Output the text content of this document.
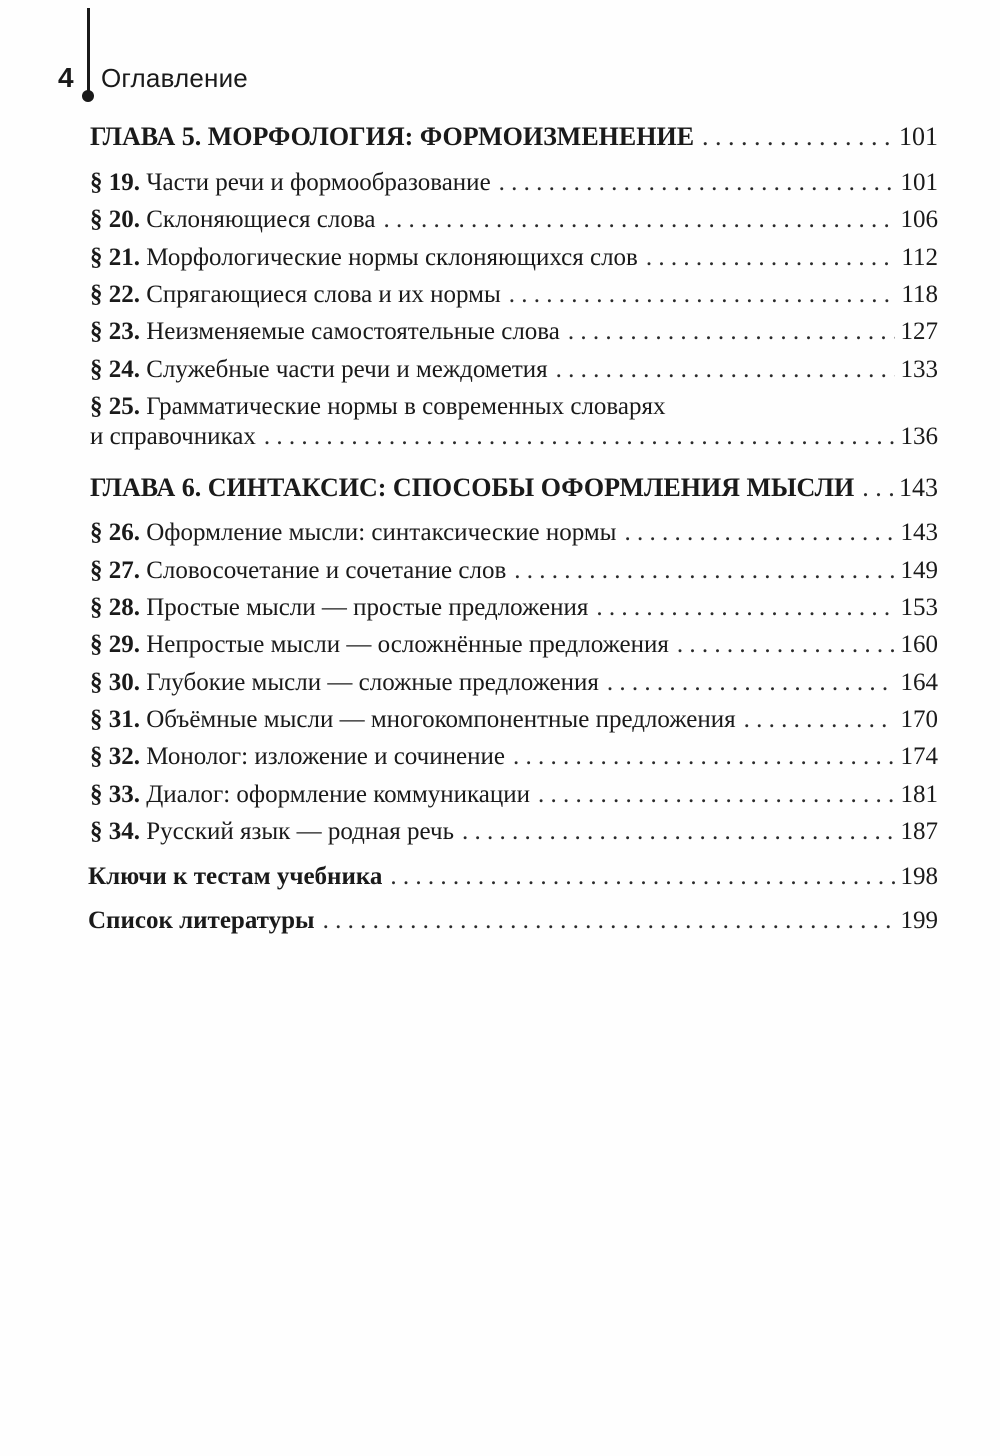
4 Оглавление
ГЛАВА 5. МОРФОЛОГИЯ: ФОРМОИЗМЕНЕНИЕ . . .	101
§ 19. Части речи и формообразование . . .	101
§ 20. Склоняющиеся слова . . .	106
§ 21. Морфологические нормы склоняющихся слов . . .	112
§ 22. Спрягающиеся слова и их нормы . . .	118
§ 23. Неизменяемые самостоятельные слова . . .	127
§ 24. Служебные части речи и междометия . . .	133
§ 25. Грамматические нормы в современных словарях
и справочниках . . .	136
ГЛАВА 6. СИНТАКСИС: СПОСОБЫ ОФОРМЛЕНИЯ МЫСЛИ . . . 143
§ 26. Оформление мысли: синтаксические нормы . . .	143
§ 27. Словосочетание и сочетание слов . . .	149
§ 28. Простые мысли — простые предложения . . .	153
§ 29. Непростые мысли — осложнённые предложения . . .	160
§ 30. Глубокие мысли — сложные предложения . . .	164
§ 31. Объёмные мысли — многокомпонентные предложения . . .	170
§ 32. Монолог: изложение и сочинение . . .	174
§ 33. Диалог: оформление коммуникации . . .	181
§ 34. Русский язык — родная речь . . .	187
Ключи к тестам учебника . . .	198
Список литературы . . .	199
